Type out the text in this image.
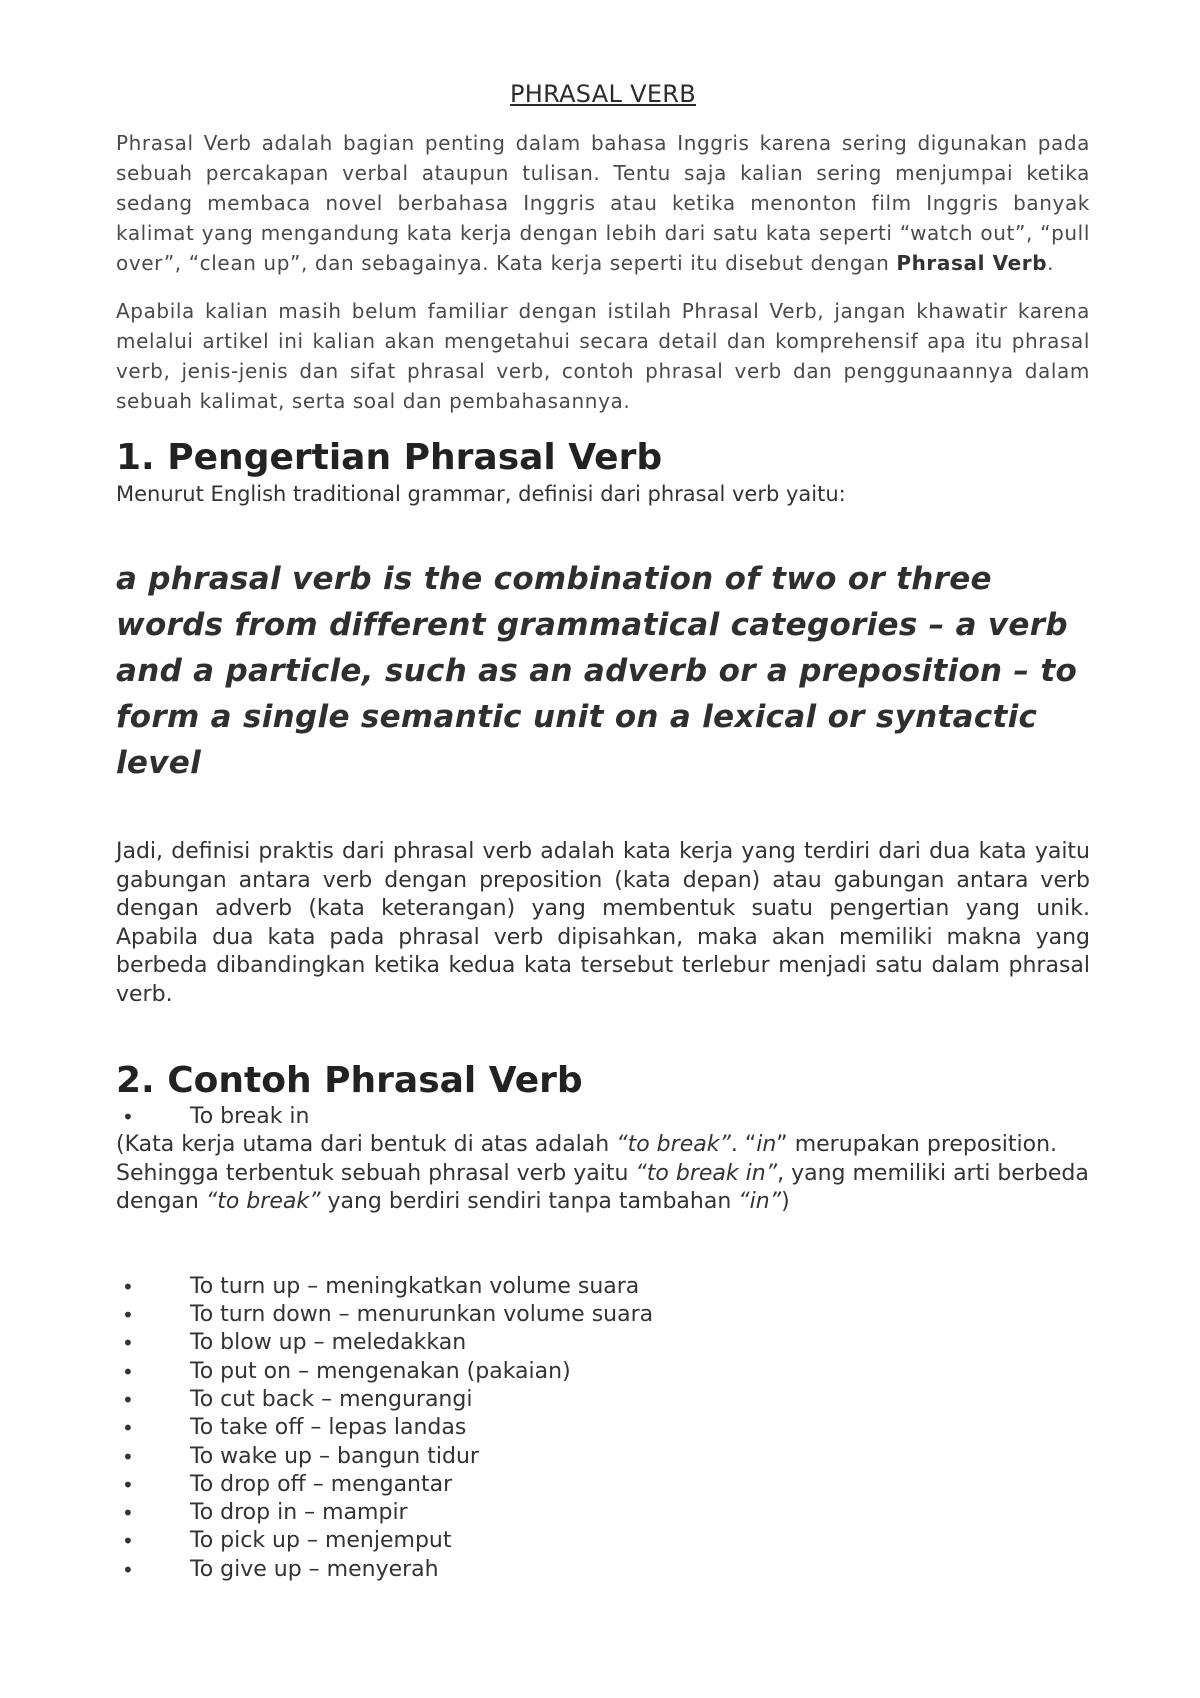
PHRASAL VERB

Phrasal Verb adalah bagian penting dalam bahasa Inggris karena sering digunakan pada sebuah percakapan verbal ataupun tulisan. Tentu saja kalian sering menjumpai ketika sedang membaca novel berbahasa Inggris atau ketika menonton film Inggris banyak kalimat yang mengandung kata kerja dengan lebih dari satu kata seperti “watch out”, “pull over”, “clean up”, dan sebagainya. Kata kerja seperti itu disebut dengan Phrasal Verb.

Apabila kalian masih belum familiar dengan istilah Phrasal Verb, jangan khawatir karena melalui artikel ini kalian akan mengetahui secara detail dan komprehensif apa itu phrasal verb, jenis-jenis dan sifat phrasal verb, contoh phrasal verb dan penggunaannya dalam sebuah kalimat, serta soal dan pembahasannya.

1. Pengertian Phrasal Verb

Menurut English traditional grammar, definisi dari phrasal verb yaitu:

a phrasal verb is the combination of two or three words from different grammatical categories – a verb and a particle, such as an adverb or a preposition – to form a single semantic unit on a lexical or syntactic level

Jadi, definisi praktis dari phrasal verb adalah kata kerja yang terdiri dari dua kata yaitu gabungan antara verb dengan preposition (kata depan) atau gabungan antara verb dengan adverb (kata keterangan) yang membentuk suatu pengertian yang unik. Apabila dua kata pada phrasal verb dipisahkan, maka akan memiliki makna yang berbeda dibandingkan ketika kedua kata tersebut terlebur menjadi satu dalam phrasal verb.

2. Contoh Phrasal Verb
•	To break in

(Kata kerja utama dari bentuk di atas adalah “to break”. “in” merupakan preposition. Sehingga terbentuk sebuah phrasal verb yaitu “to break in”, yang memiliki arti berbeda dengan “to break” yang berdiri sendiri tanpa tambahan “in”)

•	To turn up – meningkatkan volume suara
•	To turn down – menurunkan volume suara
•	To blow up – meledakkan
•	To put on – mengenakan (pakaian)
•	To cut back – mengurangi
•	To take off – lepas landas
•	To wake up – bangun tidur
•	To drop off – mengantar
•	To drop in – mampir
•	To pick up – menjemput
•	To give up – menyerah
